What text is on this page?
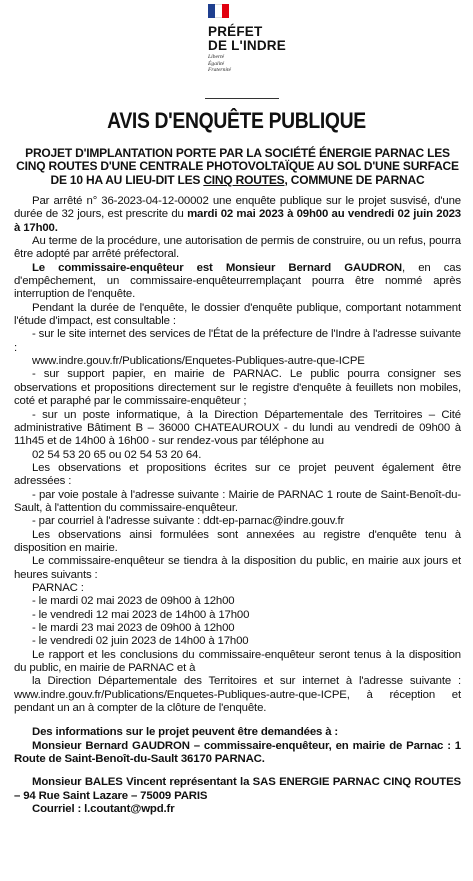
PRÉFET
DE L'INDRE
Liberté
Égalité
Fraternité
AVIS D'ENQUÊTE PUBLIQUE
PROJET D'IMPLANTATION PORTE PAR LA SOCIÉTÉ ÉNERGIE PARNAC LES CINQ ROUTES D'UNE CENTRALE PHOTOVOLTAÏQUE AU SOL D'UNE SURFACE DE 10 HA AU LIEU-DIT LES CINQ ROUTES, COMMUNE DE PARNAC

Par arrêté n° 36-2023-04-12-00002 une enquête publique sur le projet susvisé, d'une durée de 32 jours, est prescrite du mardi 02 mai 2023 à 09h00 au vendredi 02 juin 2023 à 17h00.

Au terme de la procédure, une autorisation de permis de construire, ou un refus, pourra être adopté par arrêté préfectoral.

Le commissaire-enquêteur est Monsieur Bernard GAUDRON, en cas d'empêchement, un commissaire-enquêteurremplaçant pourra être nommé après interruption de l'enquête.

Pendant la durée de l'enquête, le dossier d'enquête publique, comportant notamment l'étude d'impact, est consultable :

- sur le site internet des services de l'État de la préfecture de l'Indre à l'adresse suivante :

www.indre.gouv.fr/Publications/Enquetes-Publiques-autre-que-ICPE

- sur support papier, en mairie de PARNAC. Le public pourra consigner ses observations et propositions directement sur le registre d'enquête à feuillets non mobiles, coté et paraphé par le commissaire-enquêteur ;

- sur un poste informatique, à la Direction Départementale des Territoires – Cité administrative Bâtiment B – 36000 CHATEAUROUX - du lundi au vendredi de 09h00 à 11h45 et de 14h00 à 16h00 - sur rendez-vous par téléphone au

02 54 53 20 65 ou 02 54 53 20 64.

Les observations et propositions écrites sur ce projet peuvent également être adressées :

- par voie postale à l'adresse suivante : Mairie de PARNAC 1 route de Saint-Benoît-du-Sault, à l'attention du commissaire-enquêteur.

- par courriel à l'adresse suivante : ddt-ep-parnac@indre.gouv.fr

Les observations ainsi formulées sont annexées au registre d'enquête tenu à disposition en mairie.

Le commissaire-enquêteur se tiendra à la disposition du public, en mairie aux jours et heures suivants :

PARNAC :

- le mardi 02 mai 2023 de 09h00 à 12h00

- le vendredi 12 mai 2023 de 14h00 à 17h00

- le mardi 23 mai 2023 de 09h00 à 12h00

- le vendredi 02 juin 2023 de 14h00 à 17h00

Le rapport et les conclusions du commissaire-enquêteur seront tenus à la disposition du public, en mairie de PARNAC et à

la Direction Départementale des Territoires et sur internet à l'adresse suivante : www.indre.gouv.fr/Publications/Enquetes-Publiques-autre-que-ICPE, à réception et pendant un an à compter de la clôture de l'enquête.

Des informations sur le projet peuvent être demandées à :

Monsieur Bernard GAUDRON – commissaire-enquêteur, en mairie de Parnac : 1 Route de Saint-Benoît-du-Sault 36170 PARNAC.

Monsieur BALES Vincent représentant la SAS ENERGIE PARNAC CINQ ROUTES – 94 Rue Saint Lazare – 75009 PARIS

Courriel : l.coutant@wpd.fr
